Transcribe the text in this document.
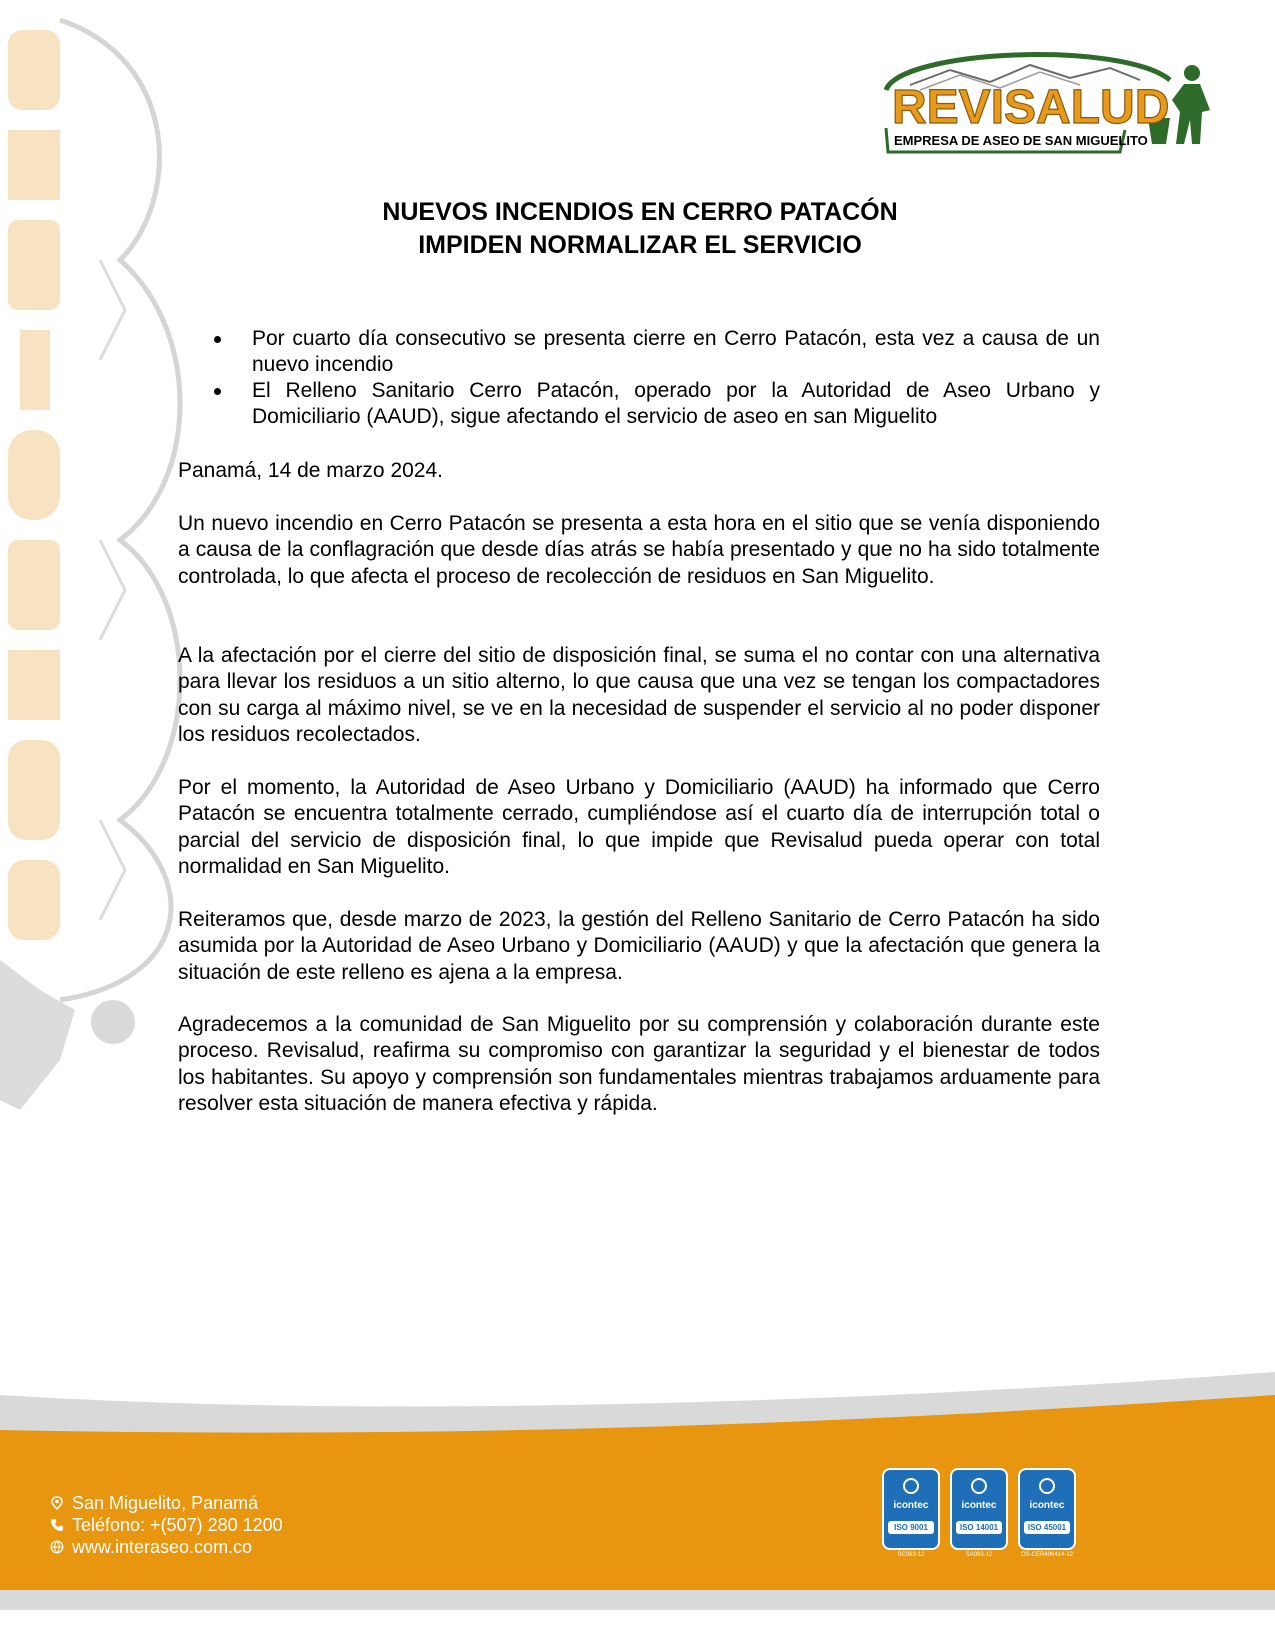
REVISALUD
EMPRESA DE ASEO DE SAN MIGUELITO
NUEVOS INCENDIOS EN CERRO PATACÓN
IMPIDEN NORMALIZAR EL SERVICIO
Por cuarto día consecutivo se presenta cierre en Cerro Patacón, esta vez a causa de un nuevo incendio
El Relleno Sanitario Cerro Patacón, operado por la Autoridad de Aseo Urbano y Domiciliario (AAUD), sigue afectando el servicio de aseo en san Miguelito
Panamá, 14 de marzo 2024.
Un nuevo incendio en Cerro Patacón se presenta a esta hora en el sitio que se venía disponiendo a causa de la conflagración que desde días atrás se había presentado y que no ha sido totalmente controlada, lo que afecta el proceso de recolección de residuos en San Miguelito.
A la afectación por el cierre del sitio de disposición final, se suma el no contar con una alternativa para llevar los residuos a un sitio alterno, lo que causa que una vez se tengan los compactadores con su carga al máximo nivel, se ve en la necesidad de suspender el servicio al no poder disponer los residuos recolectados.
Por el momento, la Autoridad de Aseo Urbano y Domiciliario (AAUD) ha informado que Cerro Patacón se encuentra totalmente cerrado, cumpliéndose así el cuarto día de interrupción total o parcial del servicio de disposición final, lo que impide que Revisalud pueda operar con total normalidad en San Miguelito.
Reiteramos que, desde marzo de 2023, la gestión del Relleno Sanitario de Cerro Patacón ha sido asumida por la Autoridad de Aseo Urbano y Domiciliario (AAUD) y que la afectación que genera la situación de este relleno es ajena a la empresa.
Agradecemos a la comunidad de San Miguelito por su comprensión y colaboración durante este proceso. Revisalud, reafirma su compromiso con garantizar la seguridad y el bienestar de todos los habitantes. Su apoyo y comprensión son fundamentales mientras trabajamos arduamente para resolver esta situación de manera efectiva y rápida.
San Miguelito, Panamá
Teléfono: +(507) 280 1200
www.interaseo.com.co
icontec
ISO 9001
SC083-12
icontec
ISO 14001
SA083-12
icontec
ISO 45001
OS-CER496414-12
